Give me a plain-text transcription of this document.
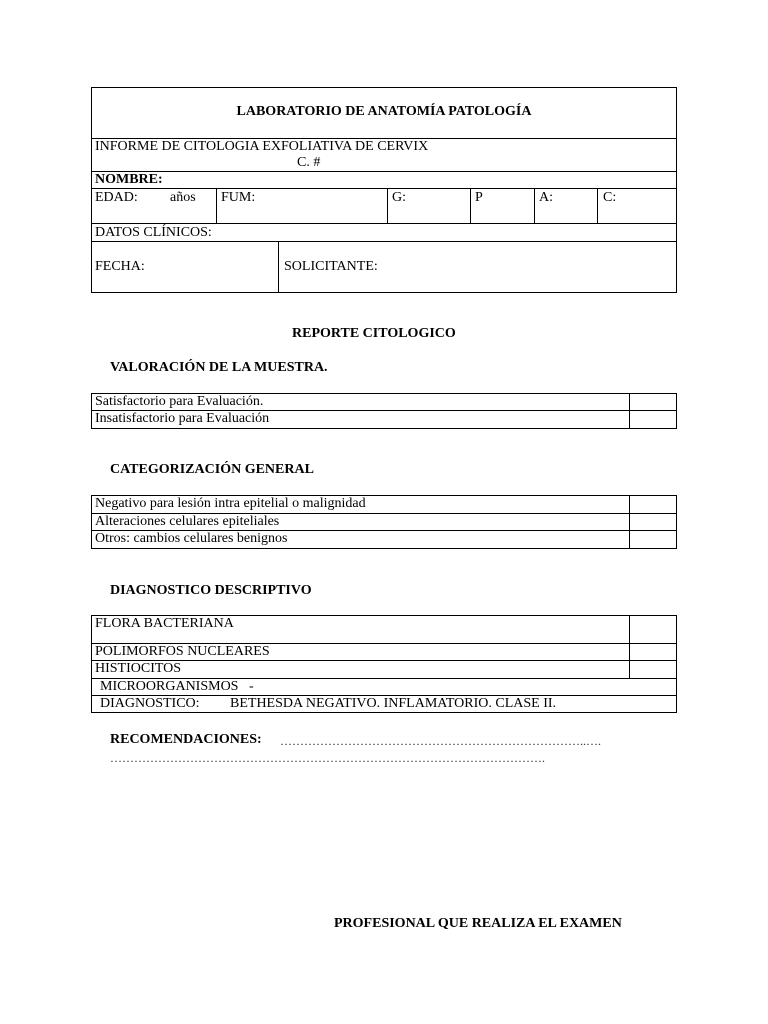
LABORATORIO DE ANATOMÍA PATOLOGÍA
INFORME DE CITOLOGIA EXFOLIATIVA DE CERVIX
C. #
NOMBRE:
EDAD: años FUM:	G:	P	A:	C:
DATOS CLÍNICOS:
FECHA:	SOLICITANTE:
REPORTE CITOLOGICO
VALORACIÓN DE LA MUESTRA.
Satisfactorio para Evaluación.
Insatisfactorio para Evaluación
CATEGORIZACIÓN GENERAL
Negativo para lesión intra epitelial o malignidad
Alteraciones celulares epiteliales
Otros: cambios celulares benignos
DIAGNOSTICO DESCRIPTIVO
FLORA BACTERIANA
POLIMORFOS NUCLEARES
HISTIOCITOS
MICROORGANISMOS   -
DIAGNOSTICO: BETHESDA NEGATIVO. INFLAMATORIO. CLASE II.
RECOMENDACIONES: …………………………………………………………………..….
……………………………………………………………………………………………….
PROFESIONAL QUE REALIZA EL EXAMEN
